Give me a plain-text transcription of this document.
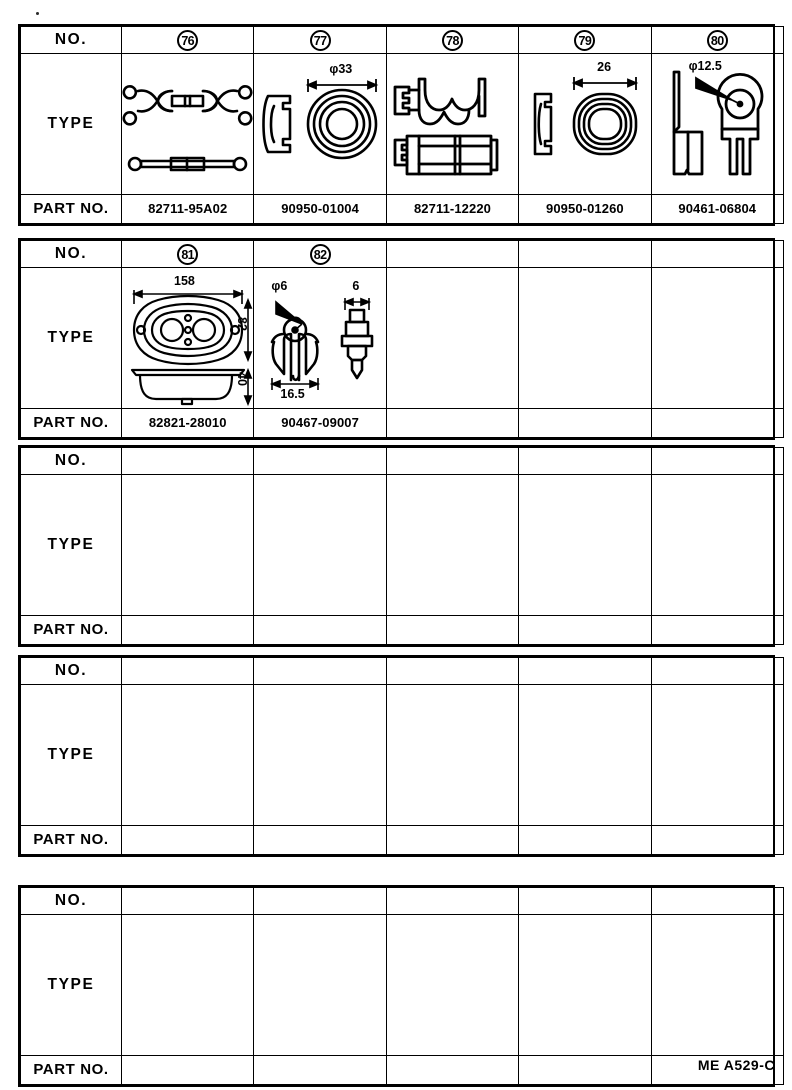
NO.	76	77	78	79	80
TYPE		φ33		26	φ12.5

PART NO.	82711-95A02	90950-01004	82711-12220	90950-01260	90461-06804
NO.	81	82			
TYPE	158
82
40	φ6 6
16.5			

PART NO.	82821-28010	90467-09007			
NO.					
TYPE					
PART NO.					
NO.					
TYPE					
PART NO.					
NO.					
TYPE					
PART NO.						ME A529-C
